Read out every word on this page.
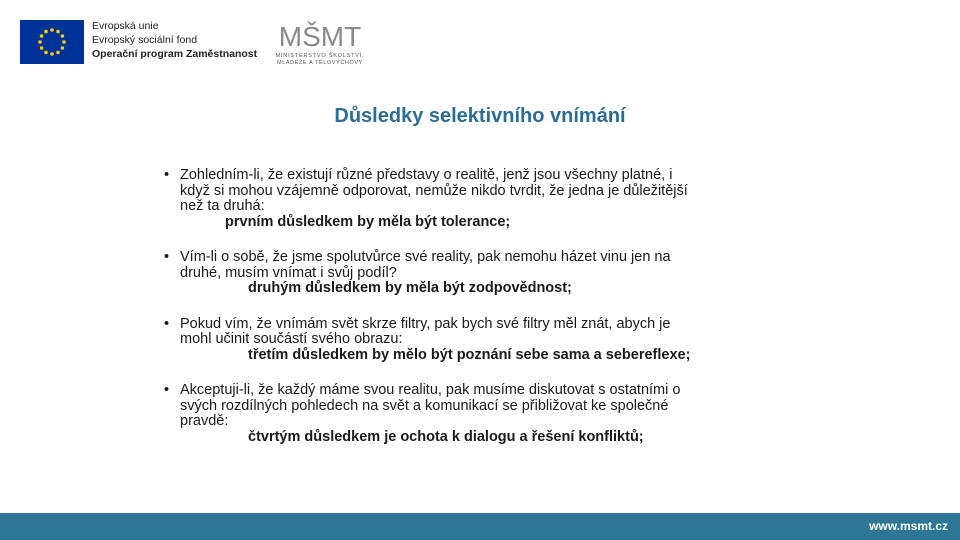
Evropská unie
Evropský sociální fond
Operační program Zaměstnanost
MŠMT
MINISTERSTVO ŠKOLSTVÍ,
MLÁDEŽE A TĚLOVÝCHOVY
Důsledky selektivního vnímání
• Zohledním-li, že existují různé představy o realitě, jenž jsou všechny platné, i
když si mohou vzájemně odporovat, nemůže nikdo tvrdit, že jedna je důležitější
než ta druhá:
prvním důsledkem by měla být tolerance;
• Vím-li o sobě, že jsme spolutvůrce své reality, pak nemohu házet vinu jen na
druhé, musím vnímat i svůj podíl?
druhým důsledkem by měla být zodpovědnost;
• Pokud vím, že vnímám svět skrze filtry, pak bych své filtry měl znát, abych je
mohl učinit součástí svého obrazu:
třetím důsledkem by mělo být poznání sebe sama a sebereflexe;
• Akceptuji-li, že každý máme svou realitu, pak musíme diskutovat s ostatními o
svých rozdílných pohledech na svět a komunikací se přibližovat ke společné
pravdě:
čtvrtým důsledkem je ochota k dialogu a řešení konfliktů;
www.msmt.cz
